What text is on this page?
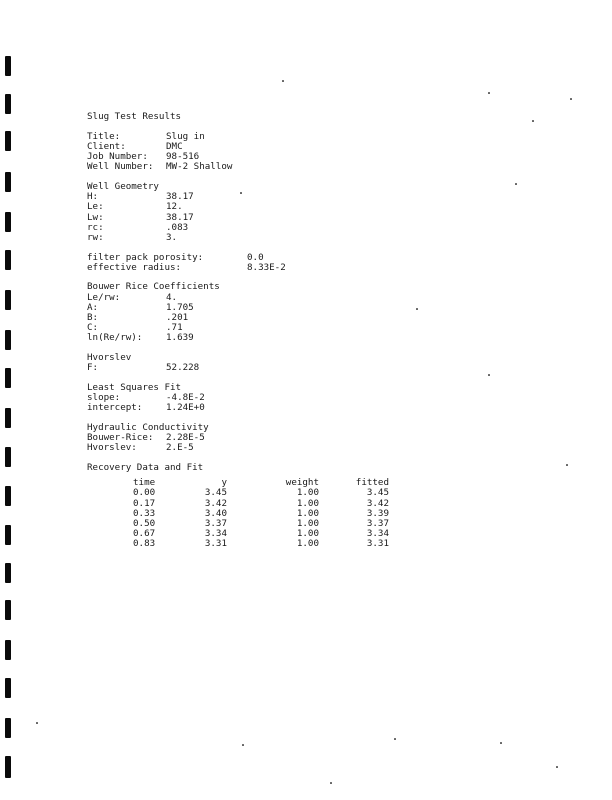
Slug Test Results
Title:	Slug in
Client:	DMC
Job Number: 98-516
Well Number: MW-2 Shallow
Well Geometry
H:	38.17
Le:	12.
Lw:	38.17
rc:	.083
rw:	3.
filter pack porosity:	0.0
effective radius:	8.33E-2
Bouwer Rice Coefficients
Le/rw:	4.
A:	1.705
B:	.201
C:	.71
ln(Re/rw):	1.639
Hvorslev
F:	52.228
Least Squares Fit
slope:	-4.8E-2
intercept:	1.24E+0
Hydraulic Conductivity
Bouwer-Rice: 2.28E-5
Hvorslev:	2.E-5
Recovery Data and Fit
time	y	weight	fitted
0.00	3.45	1.00	3.45
0.17	3.42	1.00	3.42
0.33	3.40	1.00	3.39
0.50	3.37	1.00	3.37
0.67	3.34	1.00	3.34
0.83	3.31	1.00	3.31
